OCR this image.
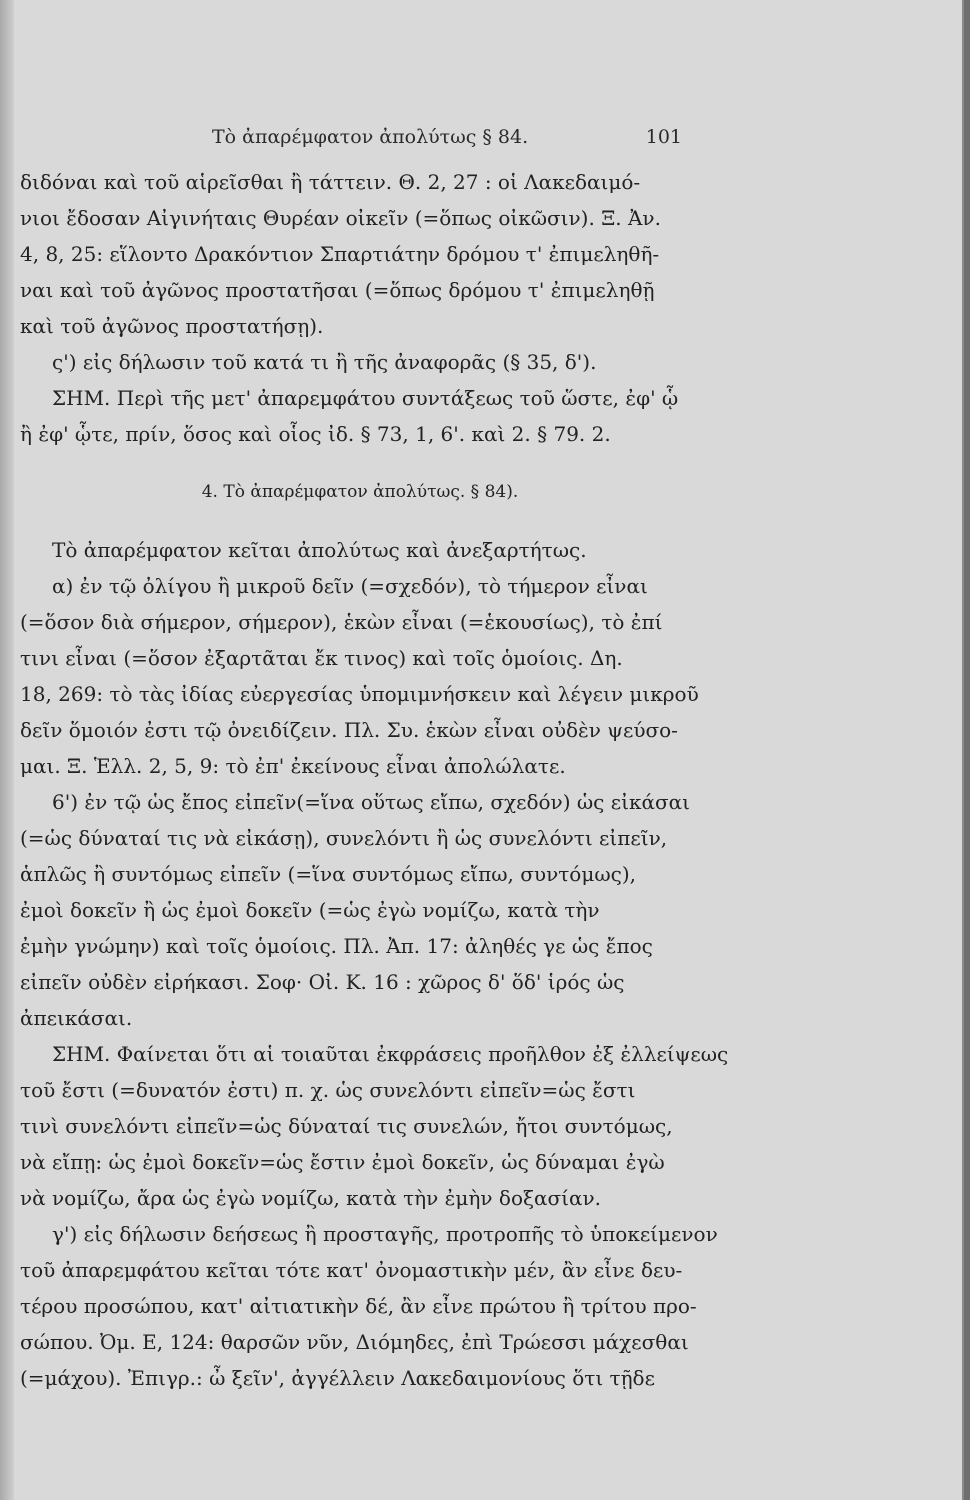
Τὸ ἀπαρέμφατον ἀπολύτως § 84.	101
διδόναι καὶ τοῦ αἱρεῖσθαι ἢ τάττειν. Θ. 2, 27 : οἱ Λακεδαιμό-
νιοι ἔδοσαν Αἰγινήταις Θυρέαν οἰκεῖν (=ὅπως οἰκῶσιν). Ξ. Ἀν.
4, 8, 25: εἵλοντο Δρακόντιον Σπαρτιάτην δρόμου τ' ἐπιμεληθῆ-
ναι καὶ τοῦ ἀγῶνος προστατῆσαι (=ὅπως δρόμου τ' ἐπιμεληθῇ
καὶ τοῦ ἀγῶνος προστατήσῃ).
ς') εἰς δήλωσιν τοῦ κατά τι ἢ τῆς ἀναφορᾶς (§ 35, δ').
ΣΗΜ. Περὶ τῆς μετ' ἀπαρεμφάτου συντάξεως τοῦ ὥστε, ἐφ' ᾧ
ἢ ἐφ' ᾧτε, πρίν, ὅσος καὶ οἷος ἰδ. § 73, 1, 6'. καὶ 2. § 79. 2.
4. Τὸ ἀπαρέμφατον ἀπολύτως. § 84).
Τὸ ἀπαρέμφατον κεῖται ἀπολύτως καὶ ἀνεξαρτήτως.
α) ἐν τῷ ὀλίγου ἢ μικροῦ δεῖν (=σχεδόν), τὸ τήμερον εἶναι
(=ὅσον διὰ σήμερον, σήμερον), ἑκὼν εἶναι (=ἑκουσίως), τὸ ἐπί
τινι εἶναι (=ὅσον ἐξαρτᾶται ἔκ τινος) καὶ τοῖς ὁμοίοις. Δη.
18, 269: τὸ τὰς ἰδίας εὐεργεσίας ὑπομιμνήσκειν καὶ λέγειν μικροῦ
δεῖν ὅμοιόν ἐστι τῷ ὀνειδίζειν. Πλ. Συ. ἑκὼν εἶναι οὐδὲν ψεύσο-
μαι. Ξ. Ἑλλ. 2, 5, 9: τὸ ἐπ' ἐκείνους εἶναι ἀπολώλατε.
6') ἐν τῷ ὡς ἔπος εἰπεῖν(=ἵνα οὕτως εἴπω, σχεδόν) ὡς εἰκάσαι
(=ὡς δύναταί τις νὰ εἰκάσῃ), συνελόντι ἢ ὡς συνελόντι εἰπεῖν,
ἁπλῶς ἢ συντόμως εἰπεῖν (=ἵνα συντόμως εἴπω, συντόμως),
ἐμοὶ δοκεῖν ἢ ὡς ἐμοὶ δοκεῖν (=ὡς ἐγὼ νομίζω, κατὰ τὴν
ἐμὴν γνώμην) καὶ τοῖς ὁμοίοις. Πλ. Ἀπ. 17: ἀληθές γε ὡς ἔπος
εἰπεῖν οὐδὲν εἰρήκασι. Σοφ· Οἰ. Κ. 16 : χῶρος δ' ὅδ' ἱρός ὡς
ἀπεικάσαι.
ΣΗΜ. Φαίνεται ὅτι αἱ τοιαῦται ἐκφράσεις προῆλθον ἐξ ἐλλείψεως
τοῦ ἔστι (=δυνατόν ἐστι) π. χ. ὡς συνελόντι εἰπεῖν=ὡς ἔστι
τινὶ συνελόντι εἰπεῖν=ὡς δύναταί τις συνελών, ἤτοι συντόμως,
νὰ εἴπῃ: ὡς ἐμοὶ δοκεῖν=ὡς ἔστιν ἐμοὶ δοκεῖν, ὡς δύναμαι ἐγὼ
νὰ νομίζω, ἄρα ὡς ἐγὼ νομίζω, κατὰ τὴν ἐμὴν δοξασίαν.
γ') εἰς δήλωσιν δεήσεως ἢ προσταγῆς, προτροπῆς τὸ ὑποκείμενον
τοῦ ἀπαρεμφάτου κεῖται τότε κατ' ὀνομαστικὴν μέν, ἂν εἶνε δευ-
τέρου προσώπου, κατ' αἰτιατικὴν δέ, ἂν εἶνε πρώτου ἢ τρίτου προ-
σώπου. Ὀμ. Ε, 124: θαρσῶν νῦν, Διόμηδες, ἐπὶ Τρώεσσι μάχεσθαι
(=μάχου). Ἐπιγρ.: ὦ ξεῖν', ἀγγέλλειν Λακεδαιμονίους ὅτι τῇδε
